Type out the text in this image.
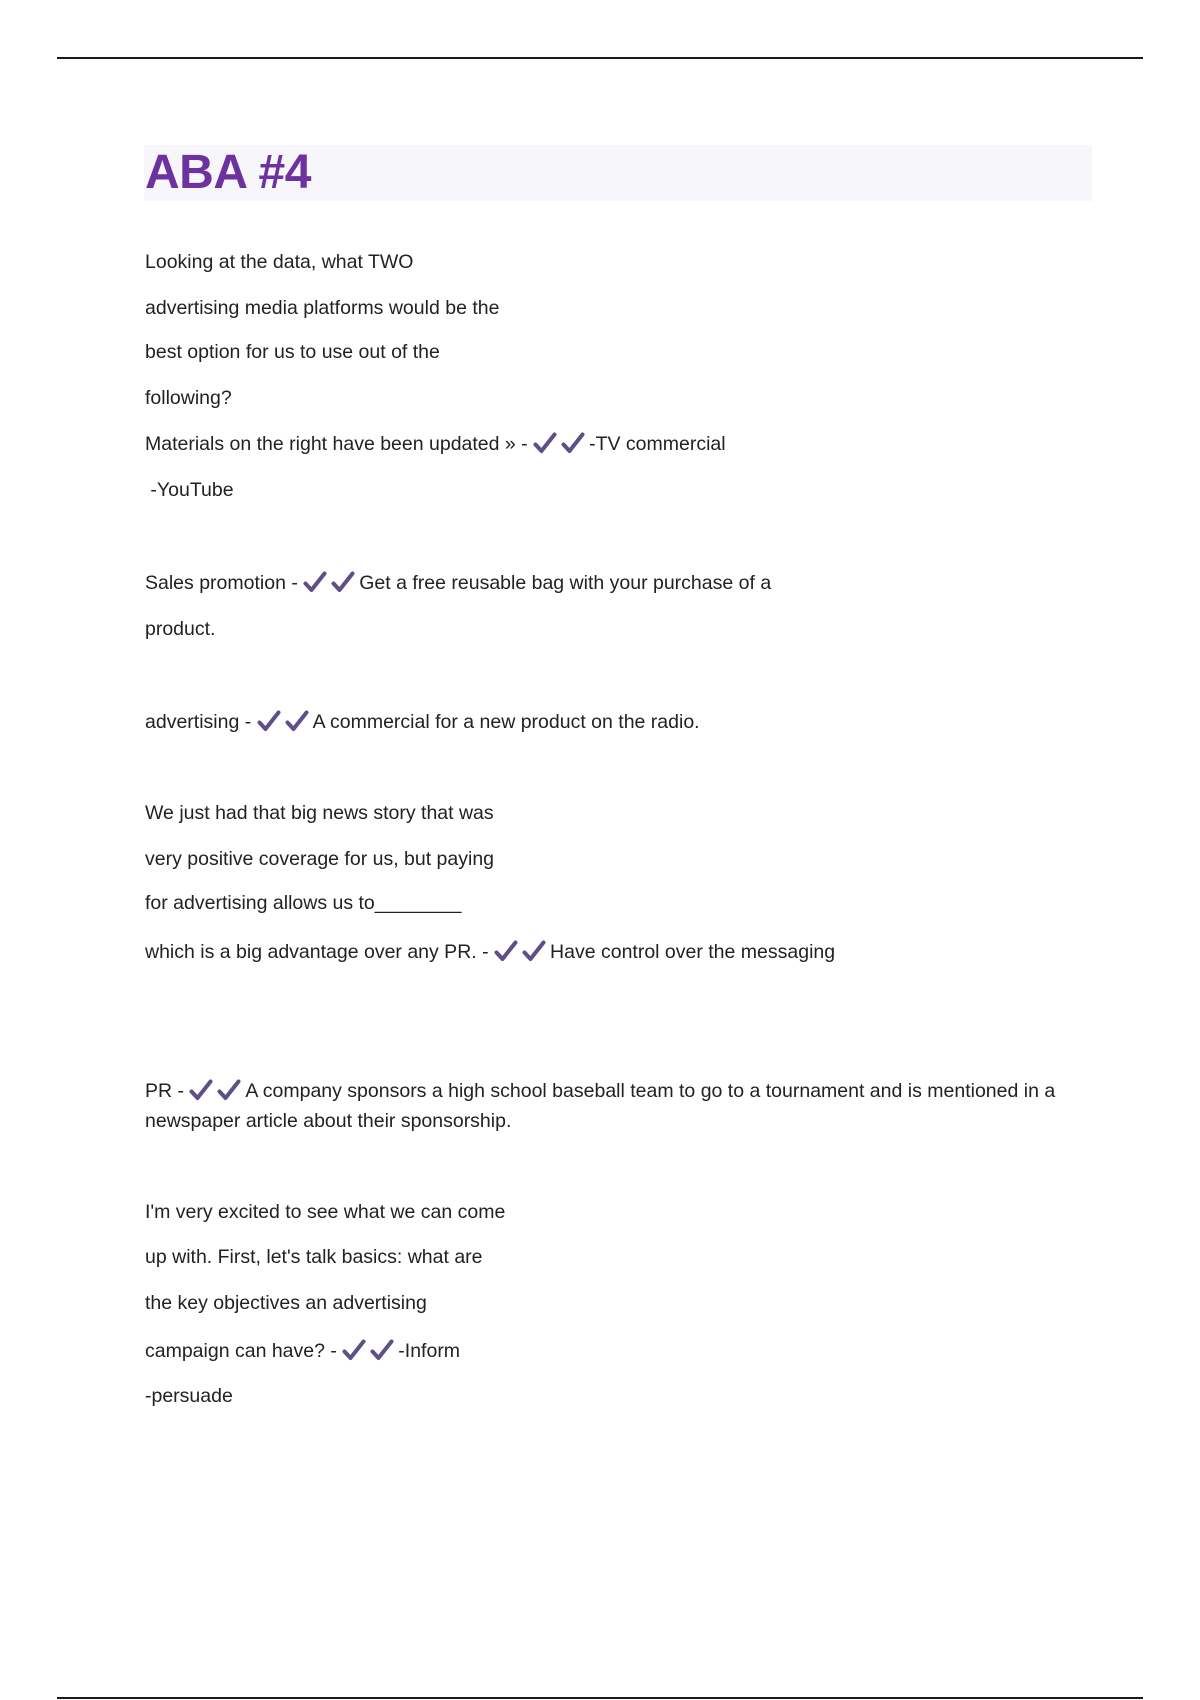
ABA #4
Looking at the data, what TWO
advertising media platforms would be the
best option for us to use out of the
following?
Materials on the right have been updated » -	-TV commercial
-YouTube
Sales promotion -	Get a free reusable bag with your purchase of a
product.
advertising -	A commercial for a new product on the radio.
We just had that big news story that was
very positive coverage for us, but paying
for advertising allows us to________
which is a big advantage over any PR. -	Have control over the messaging
PR -	A company sponsors a high school baseball team to go to a tournament and is mentioned in a
newspaper article about their sponsorship.
I'm very excited to see what we can come
up with. First, let's talk basics: what are
the key objectives an advertising
campaign can have? -	-Inform
-persuade
